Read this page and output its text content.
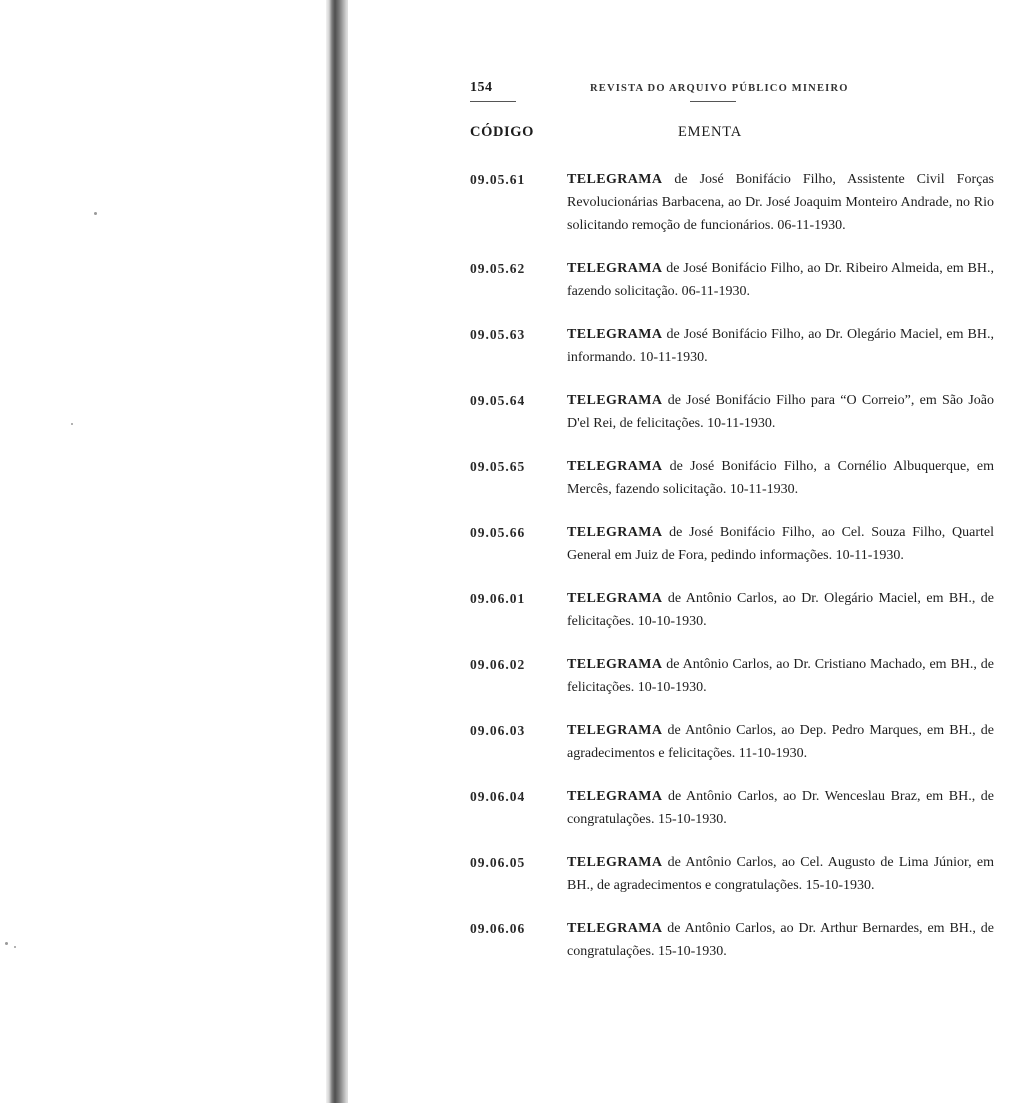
154	REVISTA DO ARQUIVO PÚBLICO MINEIRO
CÓDIGO	EMENTA
09.05.61	TELEGRAMA de José Bonifácio Filho, Assistente Civil Forças Revolucionárias Barbacena, ao Dr. José Joaquim Monteiro Andrade, no Rio solicitando remoção de funcionários. 06-11-1930.
09.05.62	TELEGRAMA de José Bonifácio Filho, ao Dr. Ribeiro Almeida, em BH., fazendo solicitação. 06-11-1930.
09.05.63	TELEGRAMA de José Bonifácio Filho, ao Dr. Olegário Maciel, em BH., informando. 10-11-1930.
09.05.64	TELEGRAMA de José Bonifácio Filho para “O Correio”, em São João D'el Rei, de felicitações. 10-11-1930.
09.05.65	TELEGRAMA de José Bonifácio Filho, a Cornélio Albuquerque, em Mercês, fazendo solicitação. 10-11-1930.
09.05.66	TELEGRAMA de José Bonifácio Filho, ao Cel. Souza Filho, Quartel General em Juiz de Fora, pedindo informações. 10-11-1930.
09.06.01	TELEGRAMA de Antônio Carlos, ao Dr. Olegário Maciel, em BH., de felicitações. 10-10-1930.
09.06.02	TELEGRAMA de Antônio Carlos, ao Dr. Cristiano Machado, em BH., de felicitações. 10-10-1930.
09.06.03	TELEGRAMA de Antônio Carlos, ao Dep. Pedro Marques, em BH., de agradecimentos e felicitações. 11-10-1930.
09.06.04	TELEGRAMA de Antônio Carlos, ao Dr. Wenceslau Braz, em BH., de congratulações. 15-10-1930.
09.06.05	TELEGRAMA de Antônio Carlos, ao Cel. Augusto de Lima Júnior, em BH., de agradecimentos e congratulações. 15-10-1930.
09.06.06	TELEGRAMA de Antônio Carlos, ao Dr. Arthur Bernardes, em BH., de congratulações. 15-10-1930.
